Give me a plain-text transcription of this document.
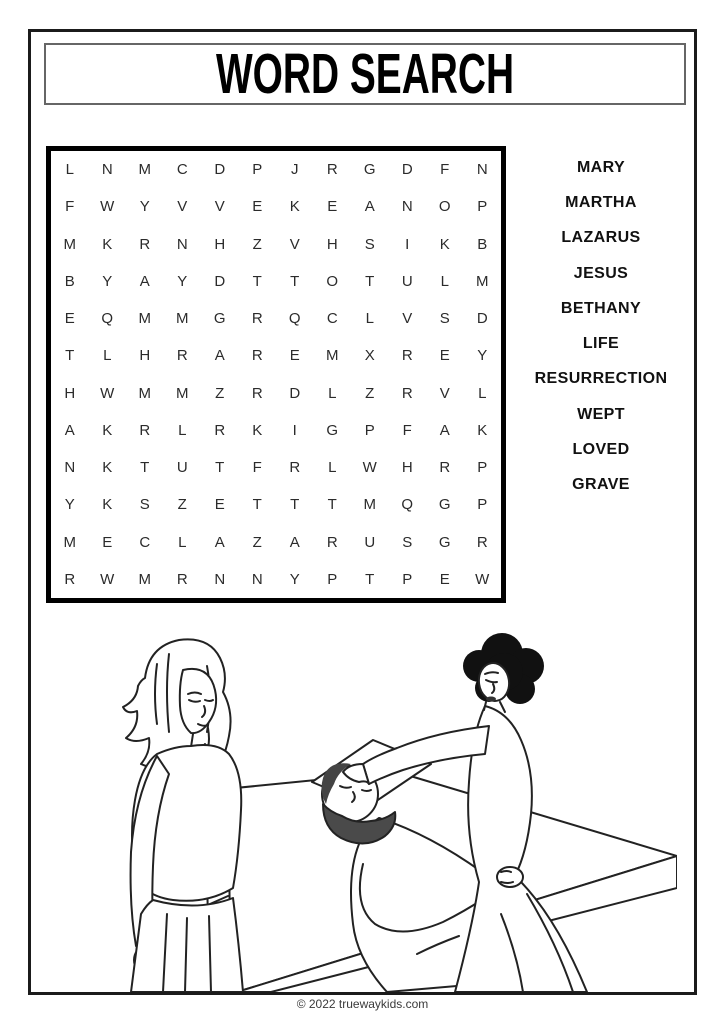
WORD SEARCH
L	N	M	C	D	P	J	R	G	D	F	N
F	W	Y	V	V	E	K	E	A	N	O	P
M	K	R	N	H	Z	V	H	S	I	K	B
B	Y	A	Y	D	T	T	O	T	U	L	M
E	Q	M	M	G	R	Q	C	L	V	S	D
T	L	H	R	A	R	E	M	X	R	E	Y
H	W	M	M	Z	R	D	L	Z	R	V	L
A	K	R	L	R	K	I	G	P	F	A	K
N	K	T	U	T	F	R	L	W	H	R	P
Y	K	S	Z	E	T	T	T	M	Q	G	P
M	E	C	L	A	Z	A	R	U	S	G	R
R	W	M	R	N	N	Y	P	T	P	E	W
MARY
MARTHA
LAZARUS
JESUS
BETHANY
LIFE
RESURRECTION
WEPT
LOVED
GRAVE
© 2022 truewaykids.com
